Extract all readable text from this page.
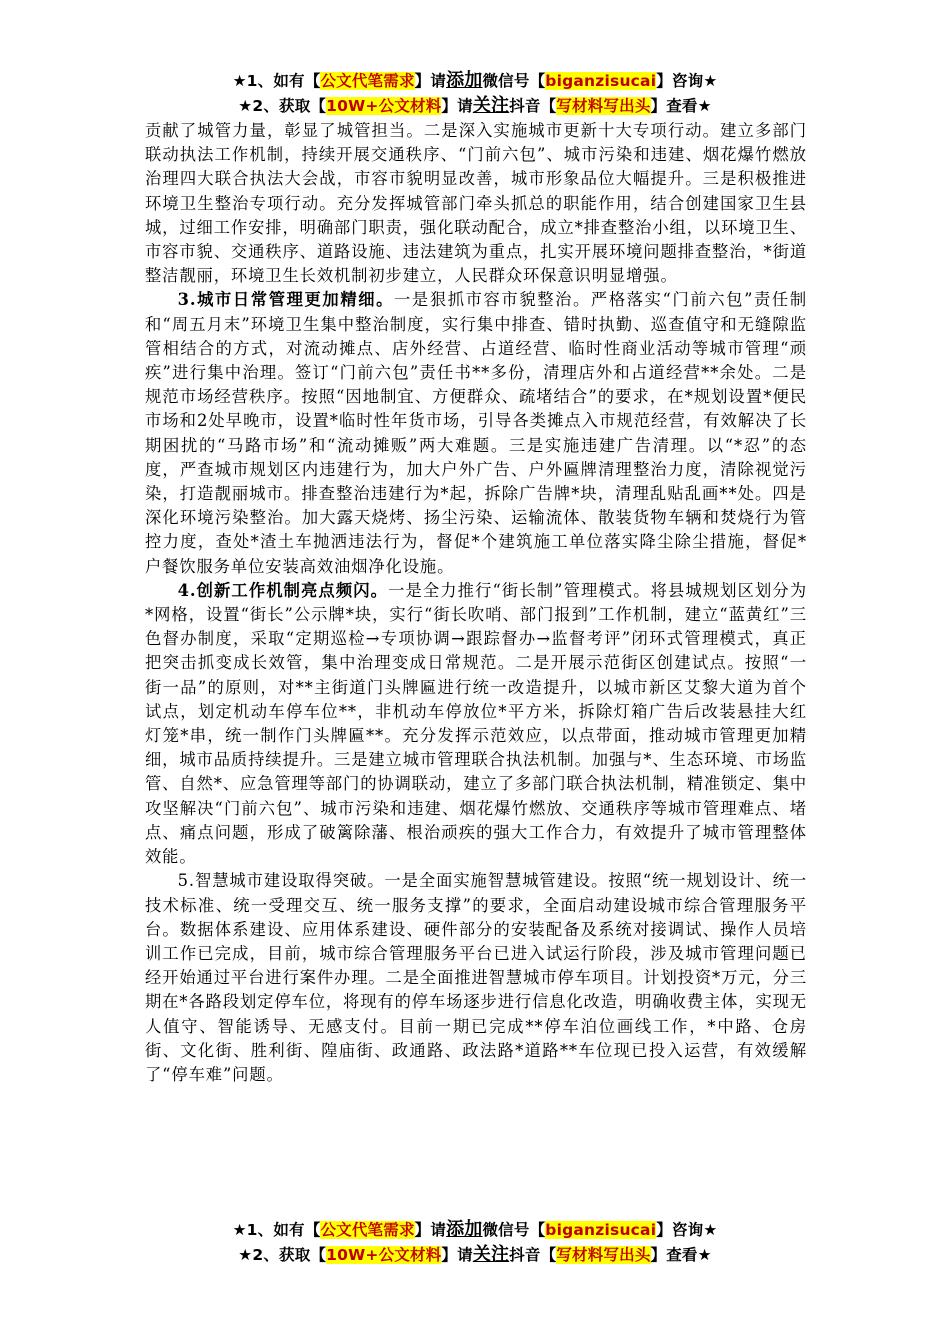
★1、如有【公文代笔需求】请添加微信号【biganzisucai】咨询★
★2、获取【10W+公文材料】请关注抖音【写材料写出头】查看★

贡献了城管力量，彰显了城管担当。二是深入实施城市更新十大专项行动。建立多部门联动执法工作机制，持续开展交通秩序、“门前六包”、城市污染和违建、烟花爆竹燃放治理四大联合执法大会战，市容市貌明显改善，城市形象品位大幅提升。三是积极推进环境卫生整治专项行动。充分发挥城管部门牵头抓总的职能作用，结合创建国家卫生县城，过细工作安排，明确部门职责，强化联动配合，成立*排查整治小组，以环境卫生、市容市貌、交通秩序、道路设施、违法建筑为重点，扎实开展环境问题排查整治，*街道整洁靓丽，环境卫生长效机制初步建立，人民群众环保意识明显增强。

3.城市日常管理更加精细。一是狠抓市容市貌整治。严格落实“门前六包”责任制和“周五月末”环境卫生集中整治制度，实行集中排查、错时执勤、巡查值守和无缝隙监管相结合的方式，对流动摊点、店外经营、占道经营、临时性商业活动等城市管理“顽疾”进行集中治理。签订“门前六包”责任书**多份，清理店外和占道经营**余处。二是规范市场经营秩序。按照“因地制宜、方便群众、疏堵结合”的要求，在*规划设置*便民市场和2处早晚市，设置*临时性年货市场，引导各类摊点入市规范经营，有效解决了长期困扰的“马路市场”和“流动摊贩”两大难题。三是实施违建广告清理。以“*忍”的态度，严查城市规划区内违建行为，加大户外广告、户外匾牌清理整治力度，清除视觉污染，打造靓丽城市。排查整治违建行为*起，拆除广告牌*块，清理乱贴乱画**处。四是深化环境污染整治。加大露天烧烤、扬尘污染、运输流体、散装货物车辆和焚烧行为管控力度，查处*渣土车抛洒违法行为，督促*个建筑施工单位落实降尘除尘措施，督促*户餐饮服务单位安装高效油烟净化设施。

4.创新工作机制亮点频闪。一是全力推行“街长制”管理模式。将县城规划区划分为*网格，设置“街长”公示牌*块，实行“街长吹哨、部门报到”工作机制，建立“蓝黄红”三色督办制度，采取“定期巡检→专项协调→跟踪督办→监督考评”闭环式管理模式，真正把突击抓变成长效管，集中治理变成日常规范。二是开展示范街区创建试点。按照“一街一品”的原则，对**主街道门头牌匾进行统一改造提升，以城市新区艾黎大道为首个试点，划定机动车停车位**，非机动车停放位*平方米，拆除灯箱广告后改装悬挂大红灯笼*串，统一制作门头牌匾**。充分发挥示范效应，以点带面，推动城市管理更加精细，城市品质持续提升。三是建立城市管理联合执法机制。加强与*、生态环境、市场监管、自然*、应急管理等部门的协调联动，建立了多部门联合执法机制，精准锁定、集中攻坚解决“门前六包”、城市污染和违建、烟花爆竹燃放、交通秩序等城市管理难点、堵点、痛点问题，形成了破篱除藩、根治顽疾的强大工作合力，有效提升了城市管理整体效能。

5.智慧城市建设取得突破。一是全面实施智慧城管建设。按照“统一规划设计、统一技术标准、统一受理交互、统一服务支撑”的要求，全面启动建设城市综合管理服务平台。数据体系建设、应用体系建设、硬件部分的安装配备及系统对接调试、操作人员培训工作已完成，目前，城市综合管理服务平台已进入试运行阶段，涉及城市管理问题已经开始通过平台进行案件办理。二是全面推进智慧城市停车项目。计划投资*万元，分三期在*各路段划定停车位，将现有的停车场逐步进行信息化改造，明确收费主体，实现无人值守、智能诱导、无感支付。目前一期已完成**停车泊位画线工作，*中路、仓房街、文化街、胜利街、隍庙街、政通路、政法路*道路**车位现已投入运营，有效缓解了“停车难”问题。

★1、如有【公文代笔需求】请添加微信号【biganzisucai】咨询★
★2、获取【10W+公文材料】请关注抖音【写材料写出头】查看★
